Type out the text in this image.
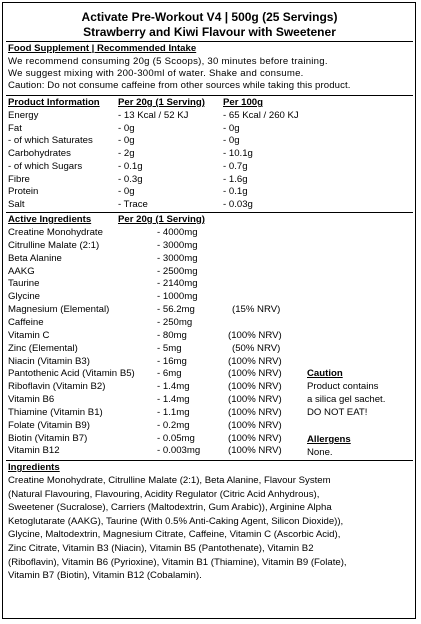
Activate Pre-Workout V4 | 500g (25 Servings)
Strawberry and Kiwi Flavour with Sweetener
Food Supplement | Recommended Intake
We recommend consuming 20g (5 Scoops), 30 minutes before training.
We suggest mixing with 200-300ml of water. Shake and consume.
Caution: Do not consume caffeine from other sources while taking this product.
Product Information Per 20g (1 Serving) Per 100g
Energy	- 13 Kcal / 52 KJ	- 65 Kcal / 260 KJ
Fat	- 0g	- 0g
- of which Saturates	- 0g	- 0g
Carbohydrates	- 2g	- 10.1g
- of which Sugars	- 0.1g	- 0.7g
Fibre	- 0.3g	- 1.6g
Protein	- 0g	- 0.1g
Salt	- Trace	- 0.03g
Active Ingredients	Per 20g (1 Serving)
Creatine Monohydrate	- 4000mg
Citrulline Malate (2:1)	- 3000mg
Beta Alanine	- 3000mg
AAKG	- 2500mg
Taurine	- 2140mg
Glycine	- 1000mg
Magnesium (Elemental)	- 56.2mg	(15% NRV)
Caffeine	- 250mg
Vitamin C	- 80mg	(100% NRV)
Zinc (Elemental)	- 5mg	(50% NRV)
Niacin (Vitamin B3)	- 16mg	(100% NRV)
Pantothenic Acid (Vitamin B5) - 6mg	(100% NRV)
Riboflavin (Vitamin B2)	- 1.4mg	(100% NRV)
Vitamin B6	- 1.4mg	(100% NRV)
Thiamine (Vitamin B1)	- 1.1mg	(100% NRV)
Folate (Vitamin B9)	- 0.2mg	(100% NRV)
Biotin (Vitamin B7)	- 0.05mg	(100% NRV)
Vitamin B12	- 0.003mg	(100% NRV)
Caution
Product contains
a silica gel sachet.
DO NOT EAT!
Allergens
None.
Ingredients
Creatine Monohydrate, Citrulline Malate (2:1), Beta Alanine, Flavour System
(Natural Flavouring, Flavouring, Acidity Regulator (Citric Acid Anhydrous),
Sweetener (Sucralose), Carriers (Maltodextrin, Gum Arabic)), Arginine Alpha
Ketoglutarate (AAKG), Taurine (With 0.5% Anti-Caking Agent, Silicon Dioxide)),
Glycine, Maltodextrin, Magnesium Citrate, Caffeine, Vitamin C (Ascorbic Acid),
Zinc Citrate, Vitamin B3 (Niacin), Vitamin B5 (Pantothenate), Vitamin B2
(Riboflavin), Vitamin B6 (Pyrioxine), Vitamin B1 (Thiamine), Vitamin B9 (Folate),
Vitamin B7 (Biotin), Vitamin B12 (Cobalamin).
